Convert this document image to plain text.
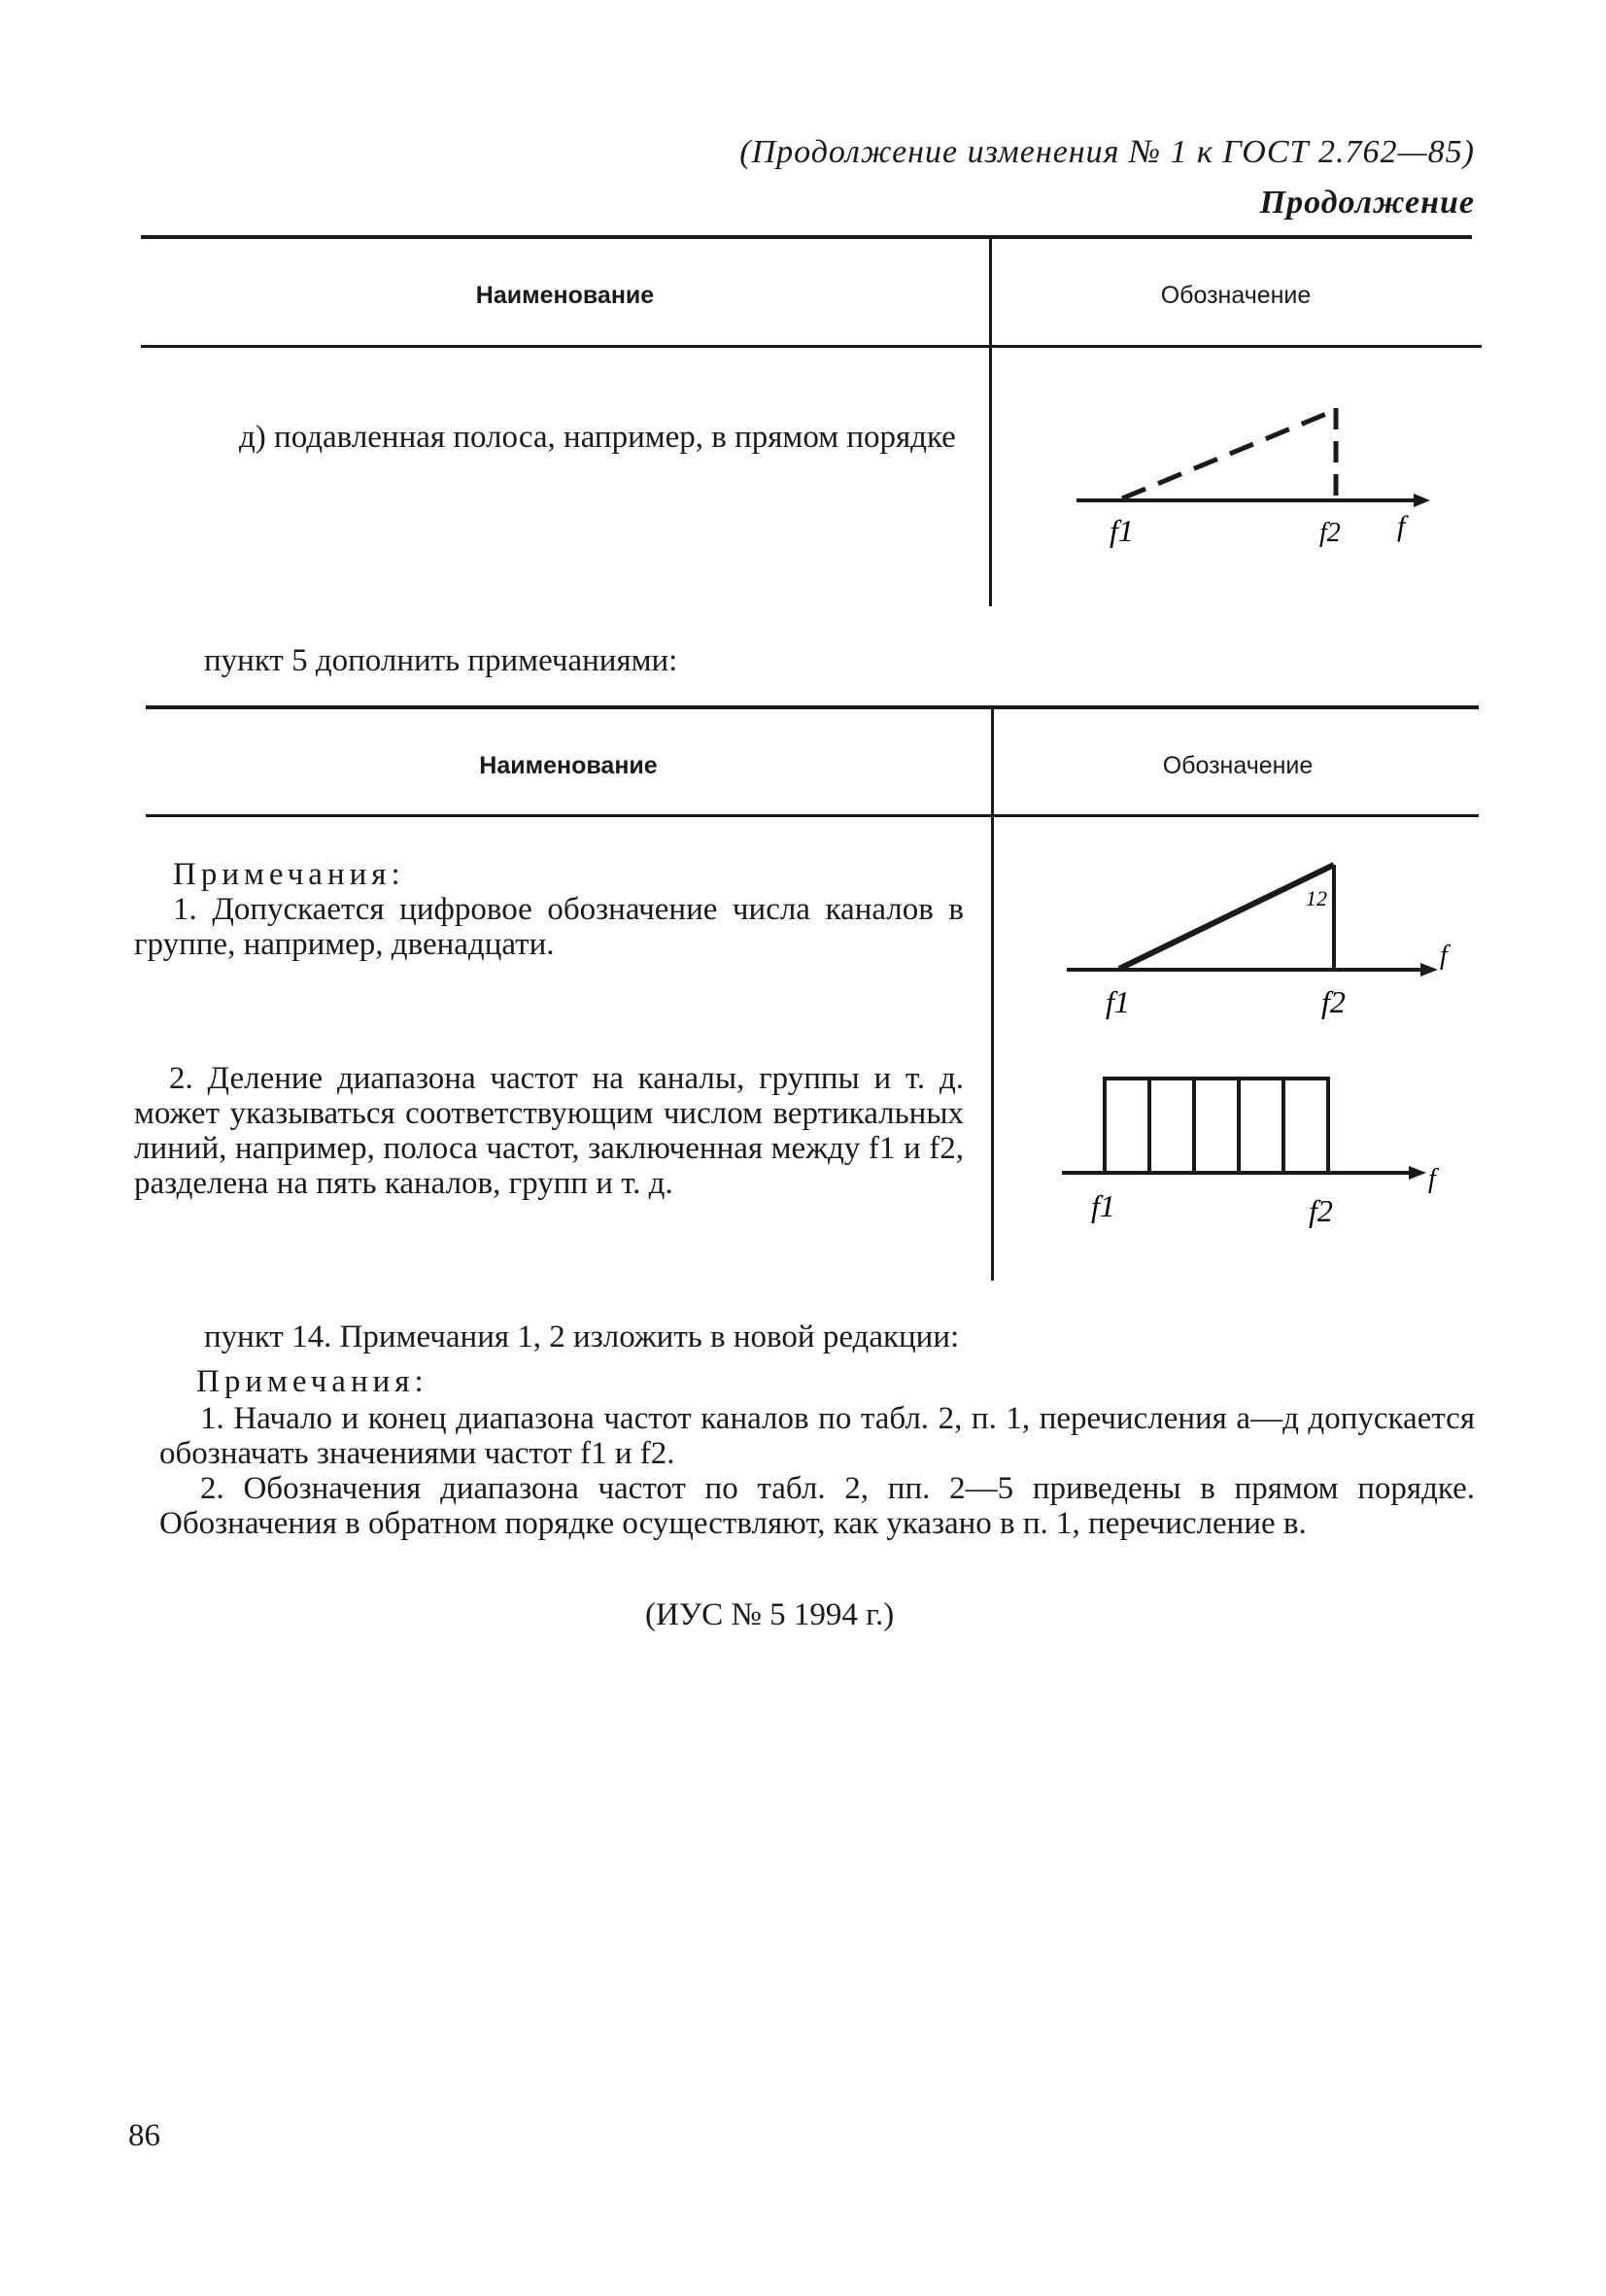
(Продолжение изменения № 1 к ГОСТ 2.762—85)
Продолжение
Наименование	Обозначение
д) подавленная полоса, например, в прямом порядке
f1	f2 f
пункт 5 дополнить примечаниями:
Наименование	Обозначение
Примечания:
1. Допускается цифровое обозначение числа каналов в группе, например, двенадцати.
2. Деление диапазона частот на каналы, группы и т. д. может указываться соответствующим числом вертикальных линий, например, полоса частот, заключенная между f1 и f2, разделена на пять каналов, групп и т. д.
12
f1	f2
f
f1	f2
f
пункт 14. Примечания 1, 2 изложить в новой редакции:
Примечания:
1. Начало и конец диапазона частот каналов по табл. 2, п. 1, перечисления а—д допускается обозначать значениями частот f1 и f2.
2. Обозначения диапазона частот по табл. 2, пп. 2—5 приведены в прямом порядке. Обозначения в обратном порядке осуществляют, как указано в п. 1, перечисление в.
(ИУС № 5 1994 г.)
86
